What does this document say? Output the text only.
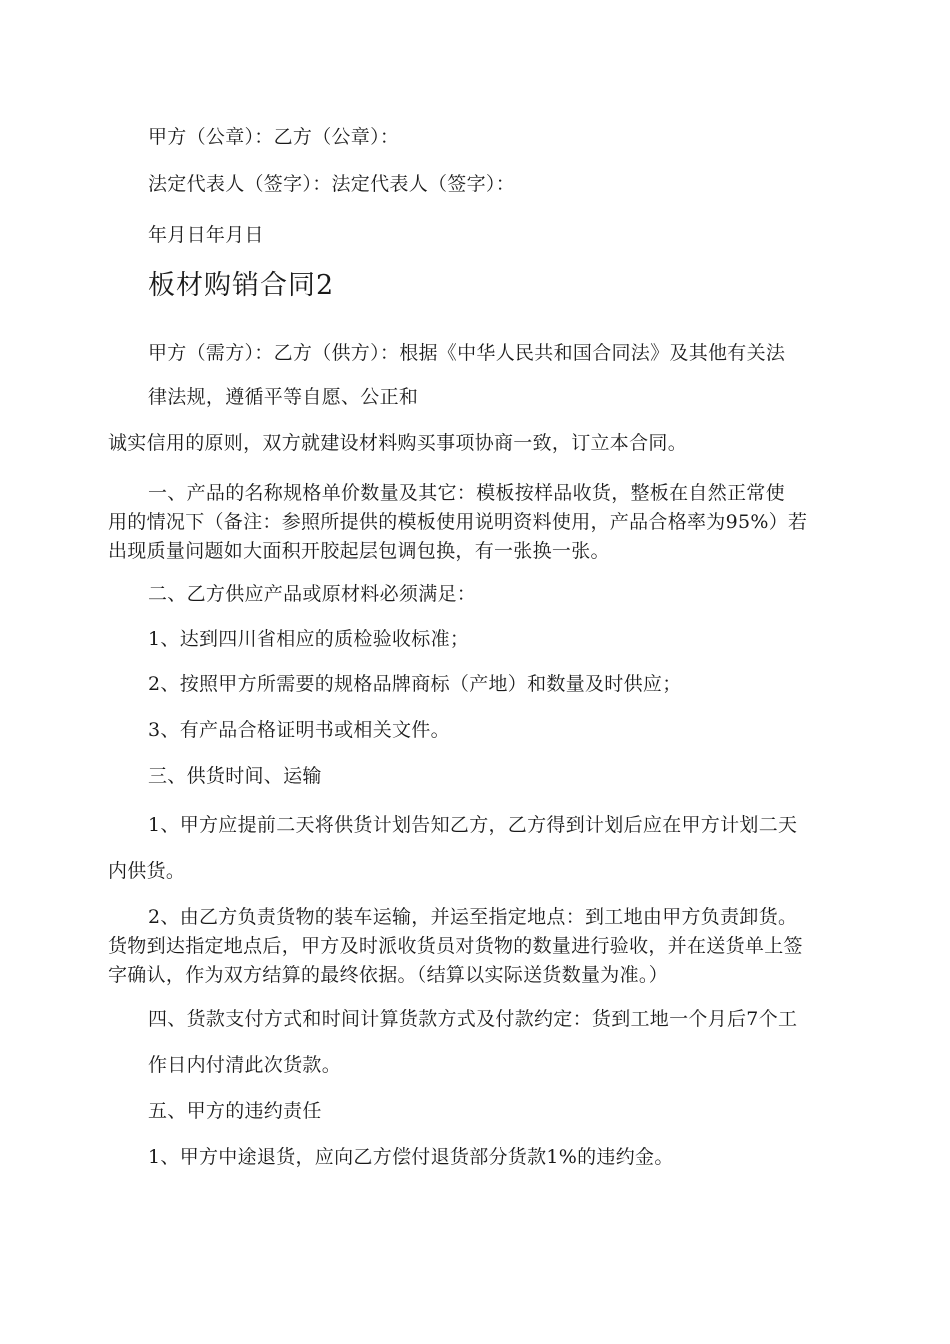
甲方（公章）：乙方（公章）：
法定代表人（签字）：法定代表人（签字）：
年月日年月日
板材购销合同2
甲方（需方）：乙方（供方）：根据《中华人民共和国合同法》及其他有关法
律法规，遵循平等自愿、公正和
诚实信用的原则，双方就建设材料购买事项协商一致，订立本合同。
一、产品的名称规格单价数量及其它：模板按样品收货，整板在自然正常使
用的情况下（备注：参照所提供的模板使用说明资料使用，产品合格率为95%）若
出现质量问题如大面积开胶起层包调包换，有一张换一张。
二、乙方供应产品或原材料必须满足：
1、达到四川省相应的质检验收标准；
2、按照甲方所需要的规格品牌商标（产地）和数量及时供应；
3、有产品合格证明书或相关文件。
三、供货时间、运输
1、甲方应提前二天将供货计划告知乙方，乙方得到计划后应在甲方计划二天
内供货。
2、由乙方负责货物的装车运输，并运至指定地点：到工地由甲方负责卸货。
货物到达指定地点后，甲方及时派收货员对货物的数量进行验收，并在送货单上签
字确认，作为双方结算的最终依据。（结算以实际送货数量为准。）
四、货款支付方式和时间计算货款方式及付款约定：货到工地一个月后7个工
作日内付清此次货款。
五、甲方的违约责任
1、甲方中途退货，应向乙方偿付退货部分货款1%的违约金。
